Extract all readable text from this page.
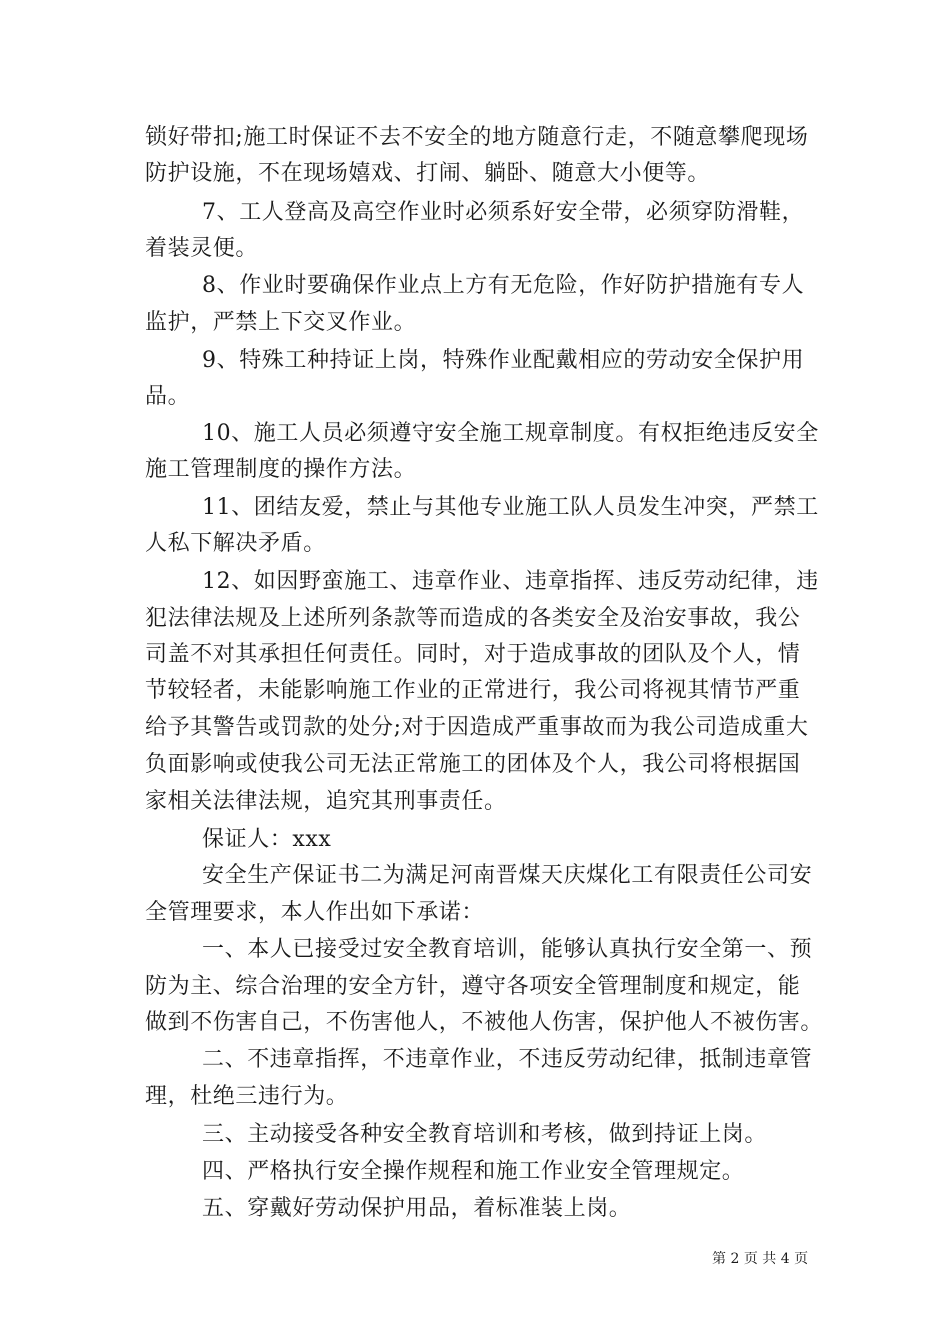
锁好带扣;施工时保证不去不安全的地方随意行走，不随意攀爬现场
防护设施，不在现场嬉戏、打闹、躺卧、随意大小便等。
7、工人登高及高空作业时必须系好安全带，必须穿防滑鞋，
着装灵便。
8、作业时要确保作业点上方有无危险，作好防护措施有专人
监护，严禁上下交叉作业。
9、特殊工种持证上岗，特殊作业配戴相应的劳动安全保护用
品。
10、施工人员必须遵守安全施工规章制度。有权拒绝违反安全
施工管理制度的操作方法。
11、团结友爱，禁止与其他专业施工队人员发生冲突，严禁工
人私下解决矛盾。
12、如因野蛮施工、违章作业、违章指挥、违反劳动纪律，违
犯法律法规及上述所列条款等而造成的各类安全及治安事故，我公
司盖不对其承担任何责任。同时，对于造成事故的团队及个人，情
节较轻者，未能影响施工作业的正常进行，我公司将视其情节严重
给予其警告或罚款的处分;对于因造成严重事故而为我公司造成重大
负面影响或使我公司无法正常施工的团体及个人，我公司将根据国
家相关法律法规，追究其刑事责任。
保证人：xxx
安全生产保证书二为满足河南晋煤天庆煤化工有限责任公司安
全管理要求，本人作出如下承诺：
一、本人已接受过安全教育培训，能够认真执行安全第一、预
防为主、综合治理的安全方针，遵守各项安全管理制度和规定，能
做到不伤害自己，不伤害他人，不被他人伤害，保护他人不被伤害。
二、不违章指挥，不违章作业，不违反劳动纪律，抵制违章管
理，杜绝三违行为。
三、主动接受各种安全教育培训和考核，做到持证上岗。
四、严格执行安全操作规程和施工作业安全管理规定。
五、穿戴好劳动保护用品，着标准装上岗。
第 2 页 共 4 页
